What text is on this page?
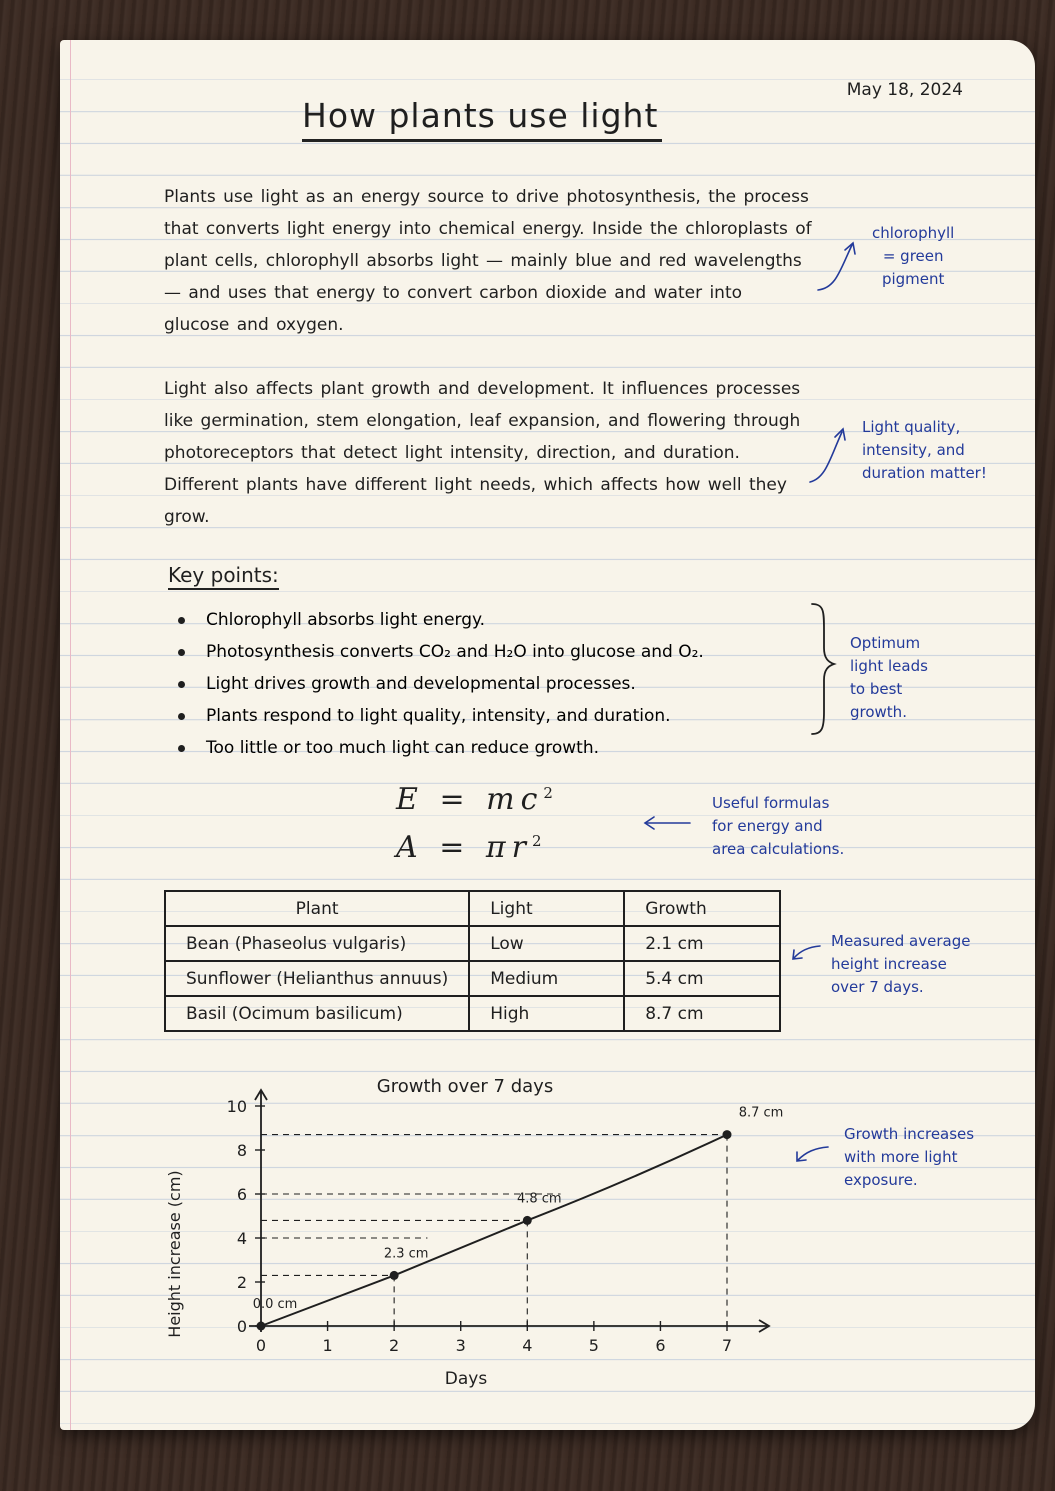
May 18, 2024
How plants use light
Plants use light as an energy source to drive photosynthesis, the process that converts light energy into chemical energy. Inside the chloroplasts of plant cells, chlorophyll absorbs light — mainly blue and red wavelengths — and uses that energy to convert carbon dioxide and water into glucose and oxygen.
Light also affects plant growth and development. It influences processes like germination, stem elongation, leaf expansion, and flowering through photoreceptors that detect light intensity, direction, and duration. Different plants have different light needs, which affects how well they grow.
Key points:
Chlorophyll absorbs light energy.
Photosynthesis converts CO₂ and H₂O into glucose and O₂.
Light drives growth and developmental processes.
Plants respond to light quality, intensity, and duration.
Too little or too much light can reduce growth.
$E = mc^2$
$A = \pi r^2$
Plant	Light	Growth
Bean (Phaseolus vulgaris)	Low	2.1 cm
Sunflower (Helianthus annuus)	Medium	5.4 cm
Basil (Ocimum basilicum)	High	8.7 cm
chlorophyll
= green
pigment
Light quality,
intensity, and
duration matter!
Optimum
light leads
to best
growth.
Useful formulas
for energy and
area calculations.
Measured average
height increase
over 7 days.
Growth increases
with more light
exposure.
Growth over 7 days
Height increase (cm)
Days
0	1	2	3	4	5	6	7
0
2
4
6
8
10
0.0 cm
2.3 cm
4.8 cm
8.7 cm
